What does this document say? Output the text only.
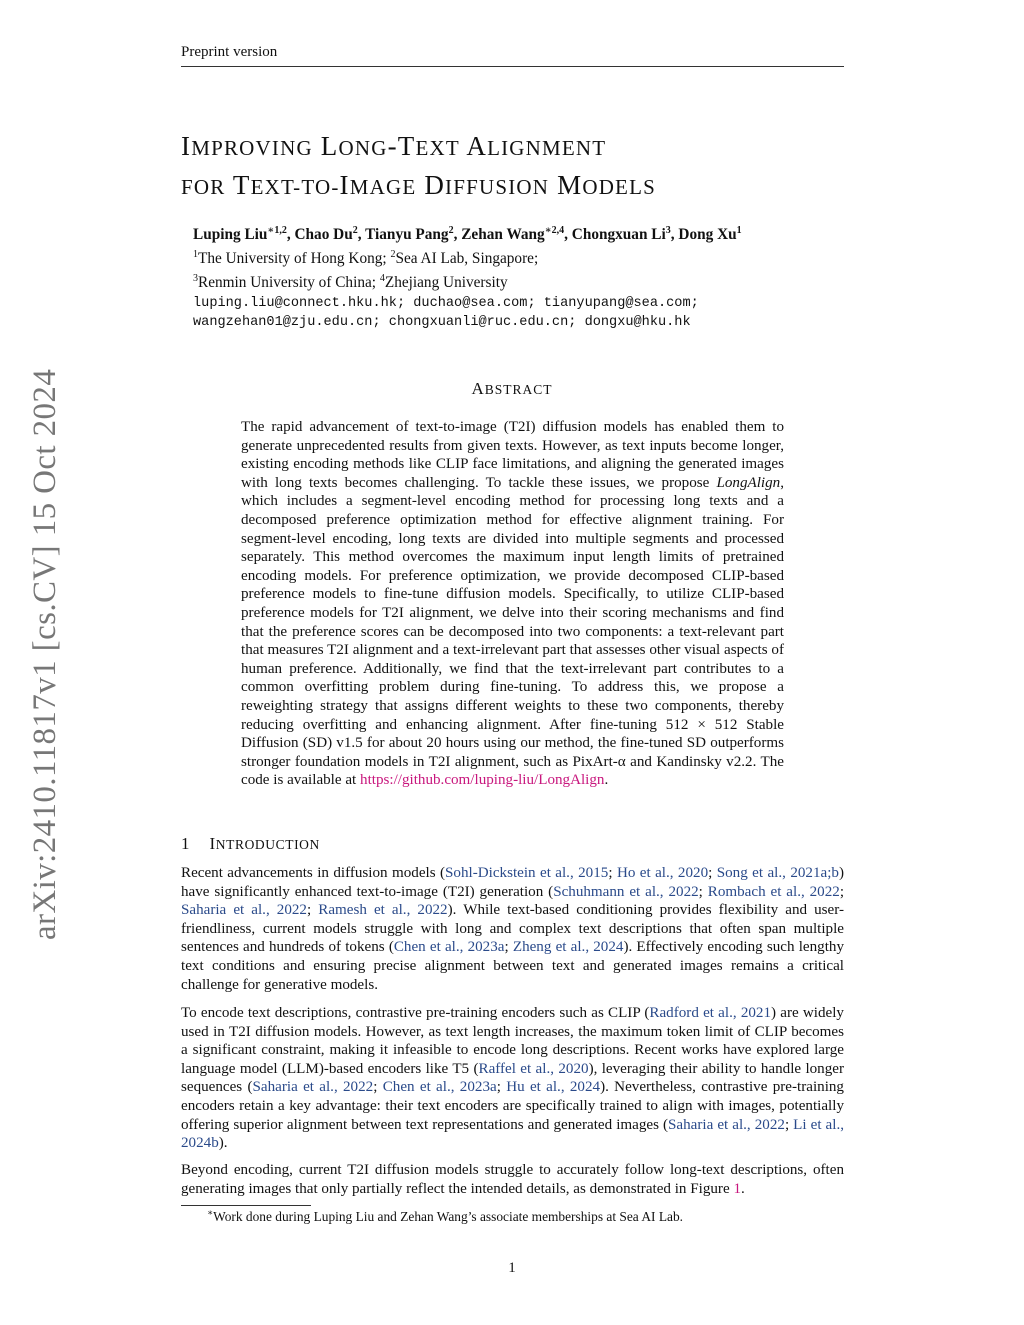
Preprint version
arXiv:2410.11817v1 [cs.CV] 15 Oct 2024
IMPROVING LONG-TEXT ALIGNMENT
FOR TEXT-TO-IMAGE DIFFUSION MODELS
Luping Liu$^{∗1,2}$, Chao Du$^2$, Tianyu Pang$^2$, Zehan Wang$^{∗2,4}$, Chongxuan Li$^3$, Dong Xu$^1$
$^1$The University of Hong Kong; $^2$Sea AI Lab, Singapore;
$^3$Renmin University of China; $^4$Zhejiang University
luping.liu@connect.hku.hk; duchao@sea.com; tianyupang@sea.com;
wangzehan01@zju.edu.cn; chongxuanli@ruc.edu.cn; dongxu@hku.hk
ABSTRACT
The rapid advancement of text-to-image (T2I) diffusion models has enabled them to generate unprecedented results from given texts. However, as text inputs become longer, existing encoding methods like CLIP face limitations, and aligning the generated images with long texts becomes challenging. To tackle these issues, we propose LongAlign, which includes a segment-level encoding method for processing long texts and a decomposed preference optimization method for effective alignment training. For segment-level encoding, long texts are divided into multiple segments and processed separately. This method overcomes the maximum input length limits of pretrained encoding models. For preference optimization, we provide decomposed CLIP-based preference models to fine-tune diffusion models. Specifically, to utilize CLIP-based preference models for T2I alignment, we delve into their scoring mechanisms and find that the preference scores can be decomposed into two components: a text-relevant part that measures T2I alignment and a text-irrelevant part that assesses other visual aspects of human preference. Additionally, we find that the text-irrelevant part contributes to a common overfitting problem during fine-tuning. To address this, we propose a reweighting strategy that assigns different weights to these two components, thereby reducing overfitting and enhancing alignment. After fine-tuning 512 × 512 Stable Diffusion (SD) v1.5 for about 20 hours using our method, the fine-tuned SD outperforms stronger foundation models in T2I alignment, such as PixArt-α and Kandinsky v2.2. The code is available at https://github.com/luping-liu/LongAlign.
1 INTRODUCTION
Recent advancements in diffusion models (Sohl-Dickstein et al., 2015; Ho et al., 2020; Song et al., 2021a;b) have significantly enhanced text-to-image (T2I) generation (Schuhmann et al., 2022; Rombach et al., 2022; Saharia et al., 2022; Ramesh et al., 2022). While text-based conditioning provides flexibility and user-friendliness, current models struggle with long and complex text descriptions that often span multiple sentences and hundreds of tokens (Chen et al., 2023a; Zheng et al., 2024). Effectively encoding such lengthy text conditions and ensuring precise alignment between text and generated images remains a critical challenge for generative models.
To encode text descriptions, contrastive pre-training encoders such as CLIP (Radford et al., 2021) are widely used in T2I diffusion models. However, as text length increases, the maximum token limit of CLIP becomes a significant constraint, making it infeasible to encode long descriptions. Recent works have explored large language model (LLM)-based encoders like T5 (Raffel et al., 2020), leveraging their ability to handle longer sequences (Saharia et al., 2022; Chen et al., 2023a; Hu et al., 2024). Nevertheless, contrastive pre-training encoders retain a key advantage: their text encoders are specifically trained to align with images, potentially offering superior alignment between text representations and generated images (Saharia et al., 2022; Li et al., 2024b).
Beyond encoding, current T2I diffusion models struggle to accurately follow long-text descriptions, often generating images that only partially reflect the intended details, as demonstrated in Figure 1.
∗Work done during Luping Liu and Zehan Wang’s associate memberships at Sea AI Lab.
1
